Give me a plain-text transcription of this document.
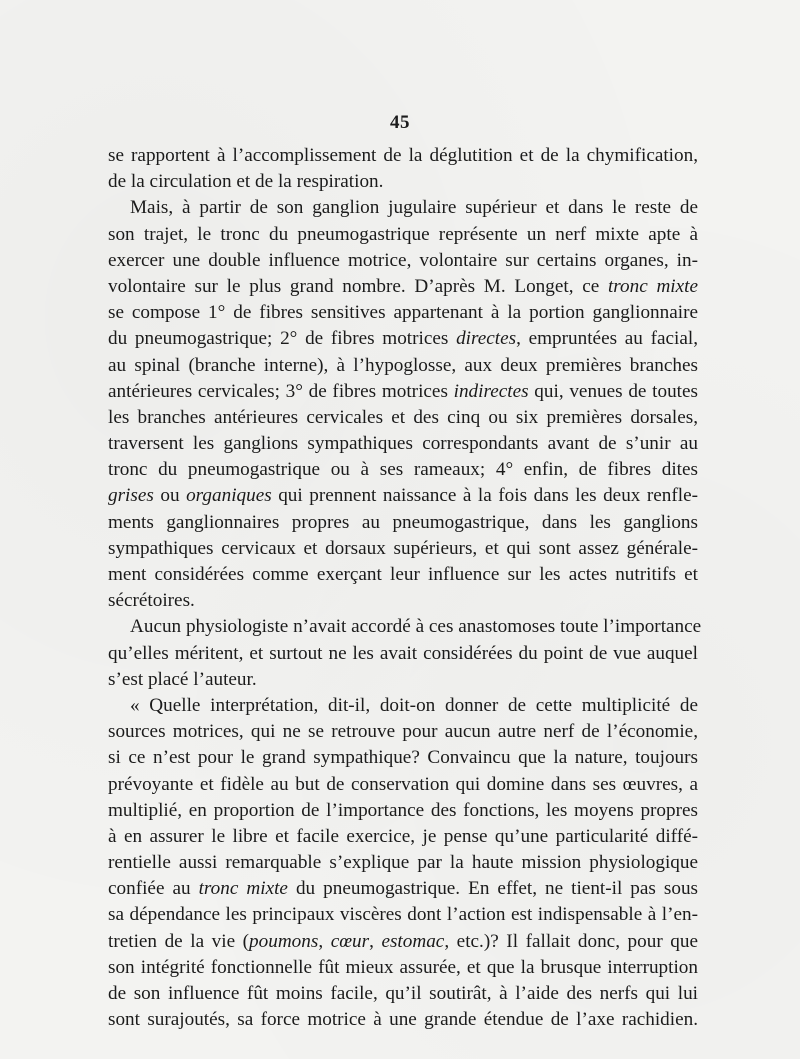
45
se rapportent à l’accomplissement de la déglutition et de la chymification,
de la circulation et de la respiration.
Mais, à partir de son ganglion jugulaire supérieur et dans le reste de
son trajet, le tronc du pneumogastrique représente un nerf mixte apte à
exercer une double influence motrice, volontaire sur certains organes, in-
volontaire sur le plus grand nombre. D’après M. Longet, ce tronc mixte
se compose 1° de fibres sensitives appartenant à la portion ganglionnaire
du pneumogastrique; 2° de fibres motrices directes, empruntées au facial,
au spinal (branche interne), à l’hypoglosse, aux deux premières branches
antérieures cervicales; 3° de fibres motrices indirectes qui, venues de toutes
les branches antérieures cervicales et des cinq ou six premières dorsales,
traversent les ganglions sympathiques correspondants avant de s’unir au
tronc du pneumogastrique ou à ses rameaux; 4° enfin, de fibres dites
grises ou organiques qui prennent naissance à la fois dans les deux renfle-
ments ganglionnaires propres au pneumogastrique, dans les ganglions
sympathiques cervicaux et dorsaux supérieurs, et qui sont assez générale-
ment considérées comme exerçant leur influence sur les actes nutritifs et
sécrétoires.
Aucun physiologiste n’avait accordé à ces anastomoses toute l’importance
qu’elles méritent, et surtout ne les avait considérées du point de vue auquel
s’est placé l’auteur.
« Quelle interprétation, dit-il, doit-on donner de cette multiplicité de
sources motrices, qui ne se retrouve pour aucun autre nerf de l’économie,
si ce n’est pour le grand sympathique? Convaincu que la nature, toujours
prévoyante et fidèle au but de conservation qui domine dans ses œuvres, a
multiplié, en proportion de l’importance des fonctions, les moyens propres
à en assurer le libre et facile exercice, je pense qu’une particularité diffé-
rentielle aussi remarquable s’explique par la haute mission physiologique
confiée au tronc mixte du pneumogastrique. En effet, ne tient-il pas sous
sa dépendance les principaux viscères dont l’action est indispensable à l’en-
tretien de la vie (poumons, cœur, estomac, etc.)? Il fallait donc, pour que
son intégrité fonctionnelle fût mieux assurée, et que la brusque interruption
de son influence fût moins facile, qu’il soutirât, à l’aide des nerfs qui lui
sont surajoutés, sa force motrice à une grande étendue de l’axe rachidien.
